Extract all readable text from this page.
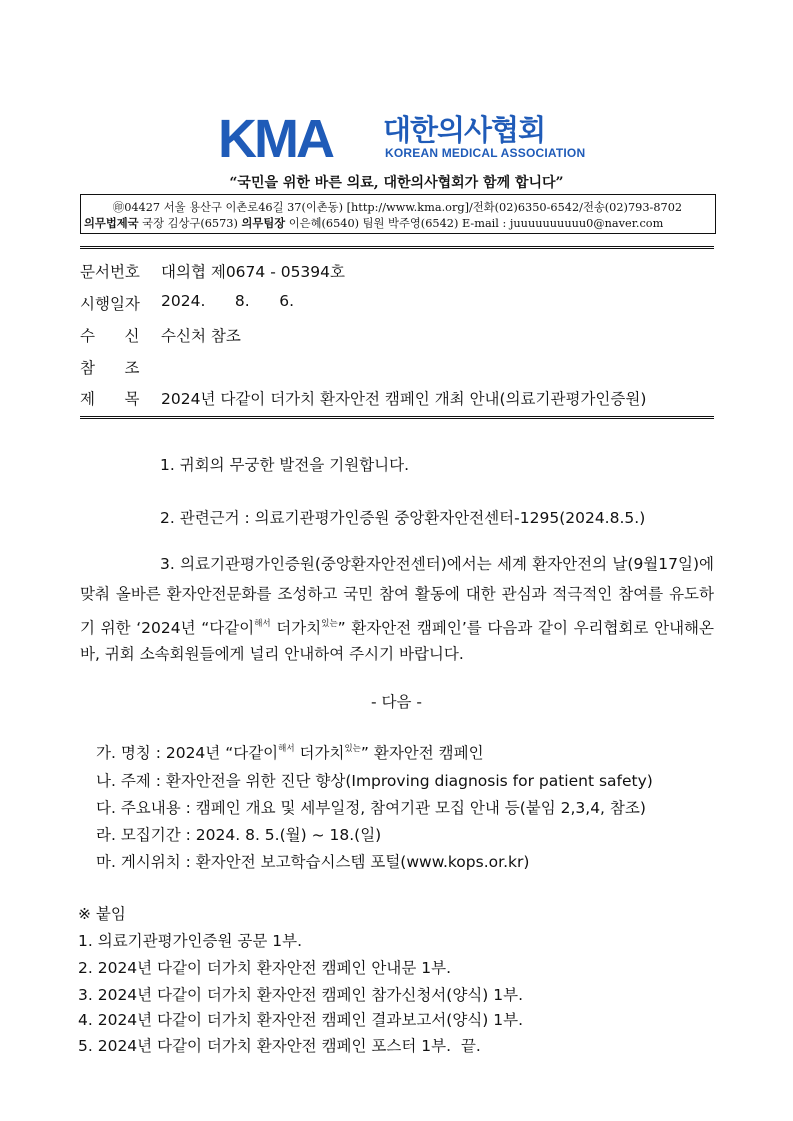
KMA 대한의사협회
KOREAN MEDICAL ASSOCIATION
“국민을 위한 바른 의료, 대한의사협회가 함께 합니다”
㊞04427 서울 용산구 이촌로46길 37(이촌동) [http://www.kma.org]/전화(02)6350-6542/전송(02)793-8702
의무법제국 국장 김상구(6573) 의무팀장 이은혜(6540) 팀원 박주영(6542) E-mail : juuuuuuuuuu0@naver.com
문서번호 대의협 제0674 - 05394호
시행일자 2024.      8.      6.
수      신 수신처 참조
참      조
제      목 2024년 다같이 더가치 환자안전 캠페인 개최 안내(의료기관평가인증원)
1. 귀회의 무궁한 발전을 기원합니다.
2. 관련근거 : 의료기관평가인증원 중앙환자안전센터-1295(2024.8.5.)
3. 의료기관평가인증원(중앙환자안전센터)에서는 세계 환자안전의 날(9월17일)에
맞춰 올바른 환자안전문화를 조성하고 국민 참여 활동에 대한 관심과 적극적인 참여를 유도하
기 위한 ‘2024년 “다같이$^{해서}$ 더가치$^{있는}$” 환자안전 캠페인’를 다음과 같이 우리협회로 안내해온
바, 귀회 소속회원들에게 널리 안내하여 주시기 바랍니다.
- 다음 -
가. 명칭 : 2024년 “다같이$^{해서}$ 더가치$^{있는}$” 환자안전 캠페인
나. 주제 : 환자안전을 위한 진단 향상(Improving diagnosis for patient safety)
다. 주요내용 : 캠페인 개요 및 세부일정, 참여기관 모집 안내 등(붙임 2,3,4, 참조)
라. 모집기간 : 2024. 8. 5.(월) ~ 18.(일)
마. 게시위치 : 환자안전 보고학습시스템 포털(www.kops.or.kr)
※ 붙임
1. 의료기관평가인증원 공문 1부.
2. 2024년 다같이 더가치 환자안전 캠페인 안내문 1부.
3. 2024년 다같이 더가치 환자안전 캠페인 참가신청서(양식) 1부.
4. 2024년 다같이 더가치 환자안전 캠페인 결과보고서(양식) 1부.
5. 2024년 다같이 더가치 환자안전 캠페인 포스터 1부.  끝.
